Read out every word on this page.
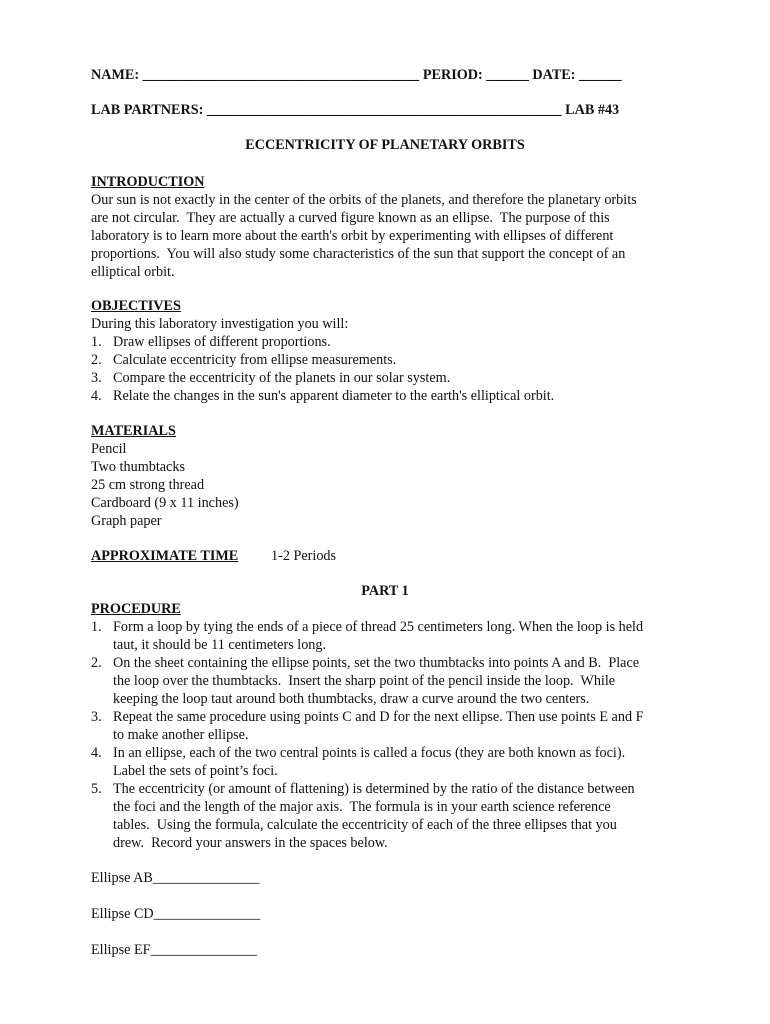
NAME: _______________________________________ PERIOD: ______ DATE: ______
LAB PARTNERS: __________________________________________________ LAB #43
ECCENTRICITY OF PLANETARY ORBITS
INTRODUCTION
Our sun is not exactly in the center of the orbits of the planets, and therefore the planetary orbits
are not circular.  They are actually a curved figure known as an ellipse.  The purpose of this
laboratory is to learn more about the earth's orbit by experimenting with ellipses of different
proportions.  You will also study some characteristics of the sun that support the concept of an
elliptical orbit.
OBJECTIVES
During this laboratory investigation you will:
1. Draw ellipses of different proportions.
2. Calculate eccentricity from ellipse measurements.
3. Compare the eccentricity of the planets in our solar system.
4. Relate the changes in the sun's apparent diameter to the earth's elliptical orbit.
MATERIALS
Pencil
Two thumbtacks
25 cm strong thread
Cardboard (9 x 11 inches)
Graph paper
APPROXIMATE TIME 1-2 Periods
PART 1
PROCEDURE
1. Form a loop by tying the ends of a piece of thread 25 centimeters long. When the loop is held
taut, it should be 11 centimeters long.
2. On the sheet containing the ellipse points, set the two thumbtacks into points A and B.  Place
the loop over the thumbtacks.  Insert the sharp point of the pencil inside the loop.  While
keeping the loop taut around both thumbtacks, draw a curve around the two centers.
3. Repeat the same procedure using points C and D for the next ellipse. Then use points E and F
to make another ellipse.
4. In an ellipse, each of the two central points is called a focus (they are both known as foci).
Label the sets of point’s foci.
5. The eccentricity (or amount of flattening) is determined by the ratio of the distance between
the foci and the length of the major axis.  The formula is in your earth science reference
tables.  Using the formula, calculate the eccentricity of each of the three ellipses that you
drew.  Record your answers in the spaces below.
Ellipse AB_______________
Ellipse CD_______________
Ellipse EF_______________
